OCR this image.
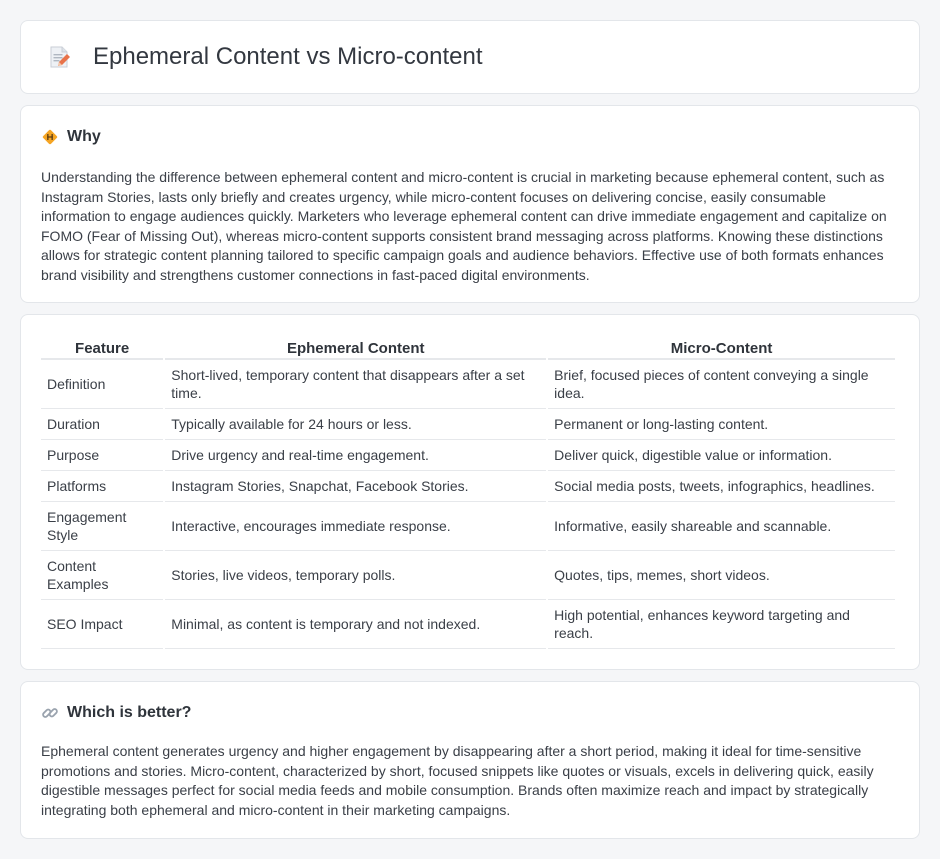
Ephemeral Content vs Micro-content
Why

Understanding the difference between ephemeral content and micro-content is crucial in marketing because ephemeral content, such as Instagram Stories, lasts only briefly and creates urgency, while micro-content focuses on delivering concise, easily consumable information to engage audiences quickly. Marketers who leverage ephemeral content can drive immediate engagement and capitalize on FOMO (Fear of Missing Out), whereas micro-content supports consistent brand messaging across platforms. Knowing these distinctions allows for strategic content planning tailored to specific campaign goals and audience behaviors. Effective use of both formats enhances brand visibility and strengthens customer connections in fast-paced digital environments.

Feature	Ephemeral Content	Micro-Content
Definition	Short-lived, temporary content that disappears after a set time.	Brief, focused pieces of content conveying a single idea.
Duration	Typically available for 24 hours or less.	Permanent or long-lasting content.
Purpose	Drive urgency and real-time engagement.	Deliver quick, digestible value or information.
Platforms	Instagram Stories, Snapchat, Facebook Stories.	Social media posts, tweets, infographics, headlines.
Engagement Style	Interactive, encourages immediate response.	Informative, easily shareable and scannable.
Content Examples	Stories, live videos, temporary polls.	Quotes, tips, memes, short videos.
SEO Impact	Minimal, as content is temporary and not indexed.	High potential, enhances keyword targeting and reach.
Which is better?

Ephemeral content generates urgency and higher engagement by disappearing after a short period, making it ideal for time-sensitive promotions and stories. Micro-content, characterized by short, focused snippets like quotes or visuals, excels in delivering quick, easily digestible messages perfect for social media feeds and mobile consumption. Brands often maximize reach and impact by strategically integrating both ephemeral and micro-content in their marketing campaigns.
